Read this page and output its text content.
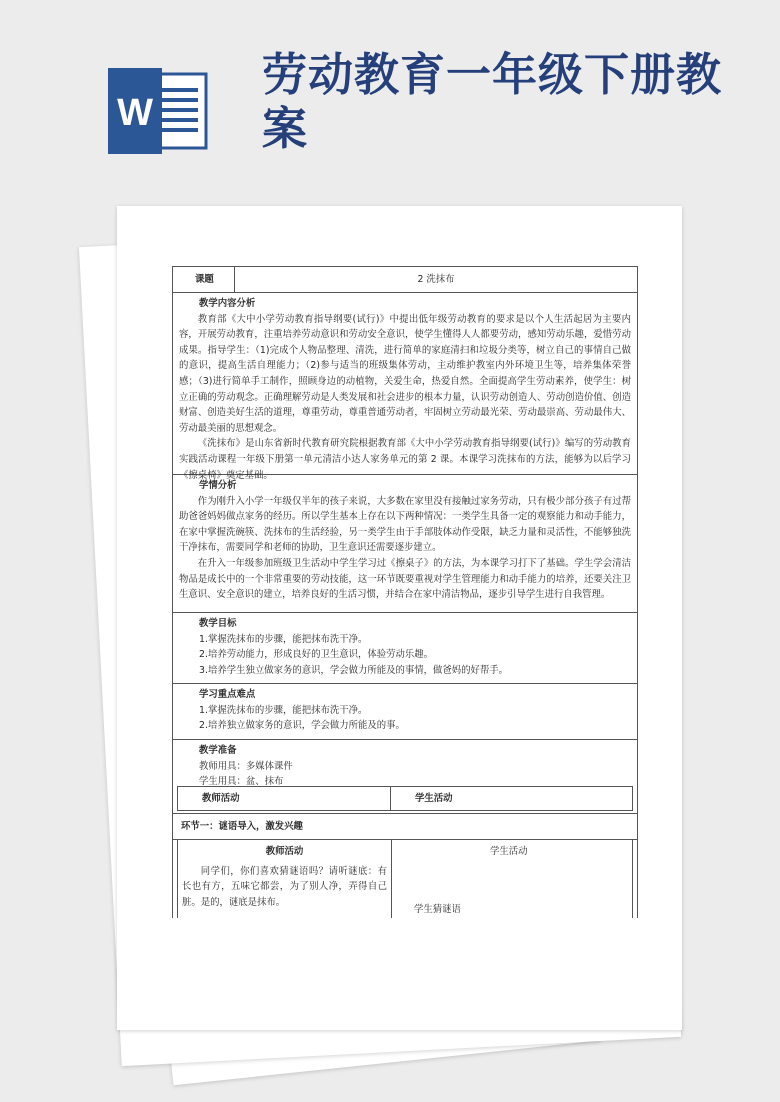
W
劳动教育一年级下册教案
课题	2 洗抹布
教学内容分析
教育部《大中小学劳动教育指导纲要(试行)》中提出低年级劳动教育的要求是以个人生活起居为主要内容，开展劳动教育，注重培养劳动意识和劳动安全意识，使学生懂得人人都要劳动，感知劳动乐趣，爱惜劳动成果。指导学生：（1)完成个人物品整理、清洗，进行简单的家庭清扫和垃圾分类等，树立自己的事情自己做的意识，提高生活自理能力；（2)参与适当的班级集体劳动，主动维护教室内外环境卫生等，培养集体荣誉感；（3)进行简单手工制作，照顾身边的动植物，关爱生命，热爱自然。全面提高学生劳动素养，使学生：树立正确的劳动观念。正确理解劳动是人类发展和社会进步的根本力量，认识劳动创造人、劳动创造价值、创造财富、创造美好生活的道理，尊重劳动，尊重普通劳动者，牢固树立劳动最光荣、劳动最崇高、劳动最伟大、劳动最美丽的思想观念。
《洗抹布》是山东省新时代教育研究院根据教育部《大中小学劳动教育指导纲要(试行)》编写的劳动教育实践活动课程一年级下册第一单元清洁小达人家务单元的第 2 课。本课学习洗抹布的方法，能够为以后学习《擦桌椅》奠定基础。
学情分析
作为刚升入小学一年级仅半年的孩子来说，大多数在家里没有接触过家务劳动，只有极少部分孩子有过帮助爸爸妈妈做点家务的经历。所以学生基本上存在以下两种情况：一类学生具备一定的观察能力和动手能力，在家中掌握洗碗筷、洗抹布的生活经验，另一类学生由于手部肢体动作受限，缺乏力量和灵活性，不能够独洗干净抹布，需要同学和老师的协助，卫生意识还需要逐步建立。
在升入一年级参加班级卫生活动中学生学习过《擦桌子》的方法，为本课学习打下了基础。学生学会清洁物品是成长中的一个非常重要的劳动技能，这一环节既要重视对学生管理能力和动手能力的培养，还要关注卫生意识、安全意识的建立，培养良好的生活习惯，并结合在家中清洁物品，逐步引导学生进行自我管理。
教学目标
1.掌握洗抹布的步骤，能把抹布洗干净。
2.培养劳动能力，形成良好的卫生意识，体验劳动乐趣。
3.培养学生独立做家务的意识，学会做力所能及的事情，做爸妈的好帮手。
学习重点难点
1.掌握洗抹布的步骤，能把抹布洗干净。
2.培养独立做家务的意识，学会做力所能及的事。
教学准备
教师用具：多媒体课件
学生用具：盆、抹布
教师活动	学生活动
环节一：谜语导入，激发兴趣
教师活动
同学们，你们喜欢猜谜语吗？请听谜底：有长也有方，五味它都尝，为了别人净，弄得自己脏。是的，谜底是抹布。
学生活动
学生猜谜语
